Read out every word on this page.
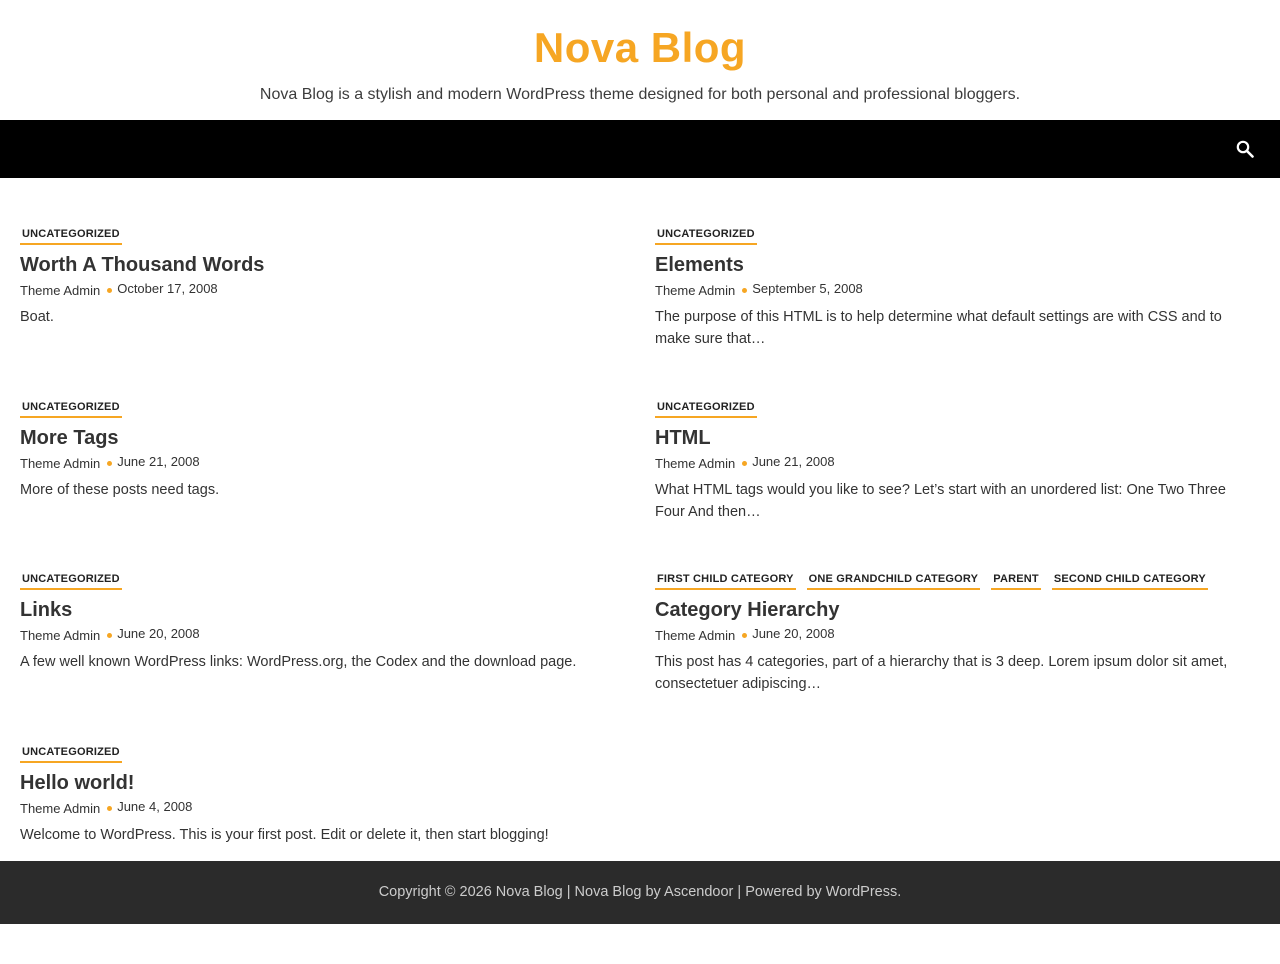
Nova Blog
Nova Blog is a stylish and modern WordPress theme designed for both personal and professional bloggers.
UNCATEGORIZED
Worth A Thousand Words
Theme Admin October 17, 2008

Boat.

UNCATEGORIZED
Elements
Theme Admin September 5, 2008

The purpose of this HTML is to help determine what default settings are with CSS and to make sure that…

UNCATEGORIZED
More Tags
Theme Admin June 21, 2008

More of these posts need tags.

UNCATEGORIZED
HTML
Theme Admin June 21, 2008

What HTML tags would you like to see? Let’s start with an unordered list: One Two Three Four And then…

UNCATEGORIZED
Links
Theme Admin June 20, 2008

A few well known WordPress links: WordPress.org, the Codex and the download page.

FIRST CHILD CATEGORY ONE GRANDCHILD CATEGORY PARENT SECOND CHILD CATEGORY
Category Hierarchy
Theme Admin June 20, 2008

This post has 4 categories, part of a hierarchy that is 3 deep. Lorem ipsum dolor sit amet, consectetuer adipiscing…

UNCATEGORIZED
Hello world!
Theme Admin June 4, 2008

Welcome to WordPress. This is your first post. Edit or delete it, then start blogging!

Copyright © 2026 Nova Blog | Nova Blog by Ascendoor | Powered by WordPress.
